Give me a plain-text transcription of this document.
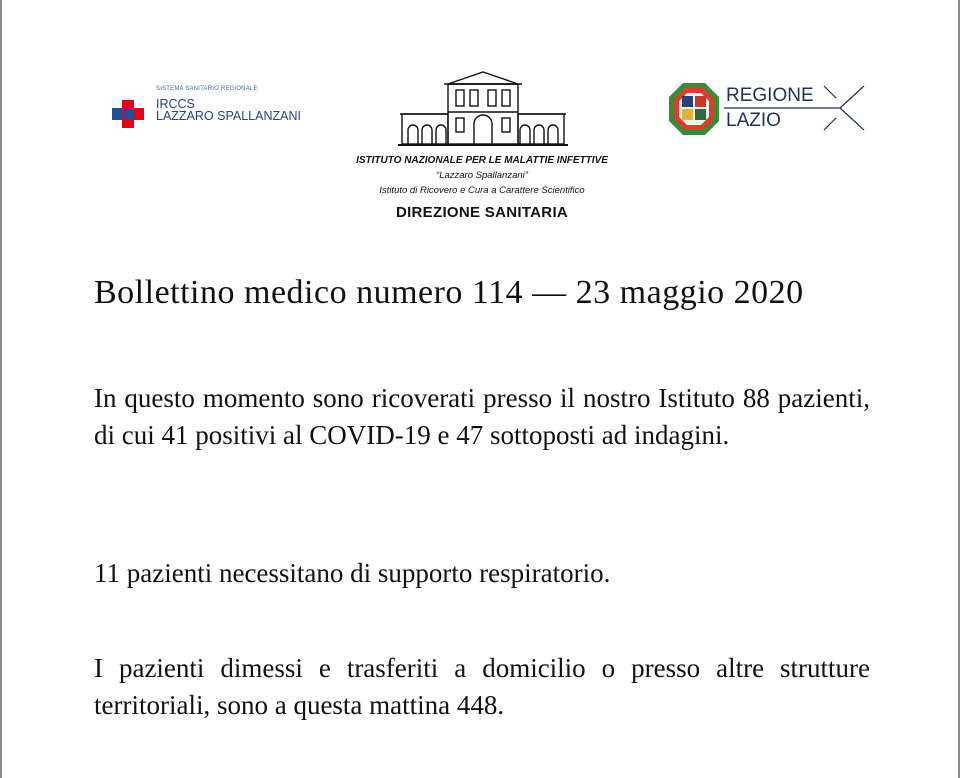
SISTEMA SANITARIO REGIONALE
IRCCS
LAZZARO SPALLANZANI
ISTITUTO NAZIONALE PER LE MALATTIE INFETTIVE
“Lazzaro Spallanzani”
Istituto di Ricovero e Cura a Carattere Scientifico
DIREZIONE SANITARIA
REGIONE
LAZIO
Bollettino medico numero 114 — 23 maggio 2020
In questo momento sono ricoverati presso il nostro Istituto 88 pazienti, di cui 41 positivi al COVID-19 e 47 sottoposti ad indagini.
11 pazienti necessitano di supporto respiratorio.
I pazienti dimessi e trasferiti a domicilio o presso altre strutture territoriali, sono a questa mattina 448.
